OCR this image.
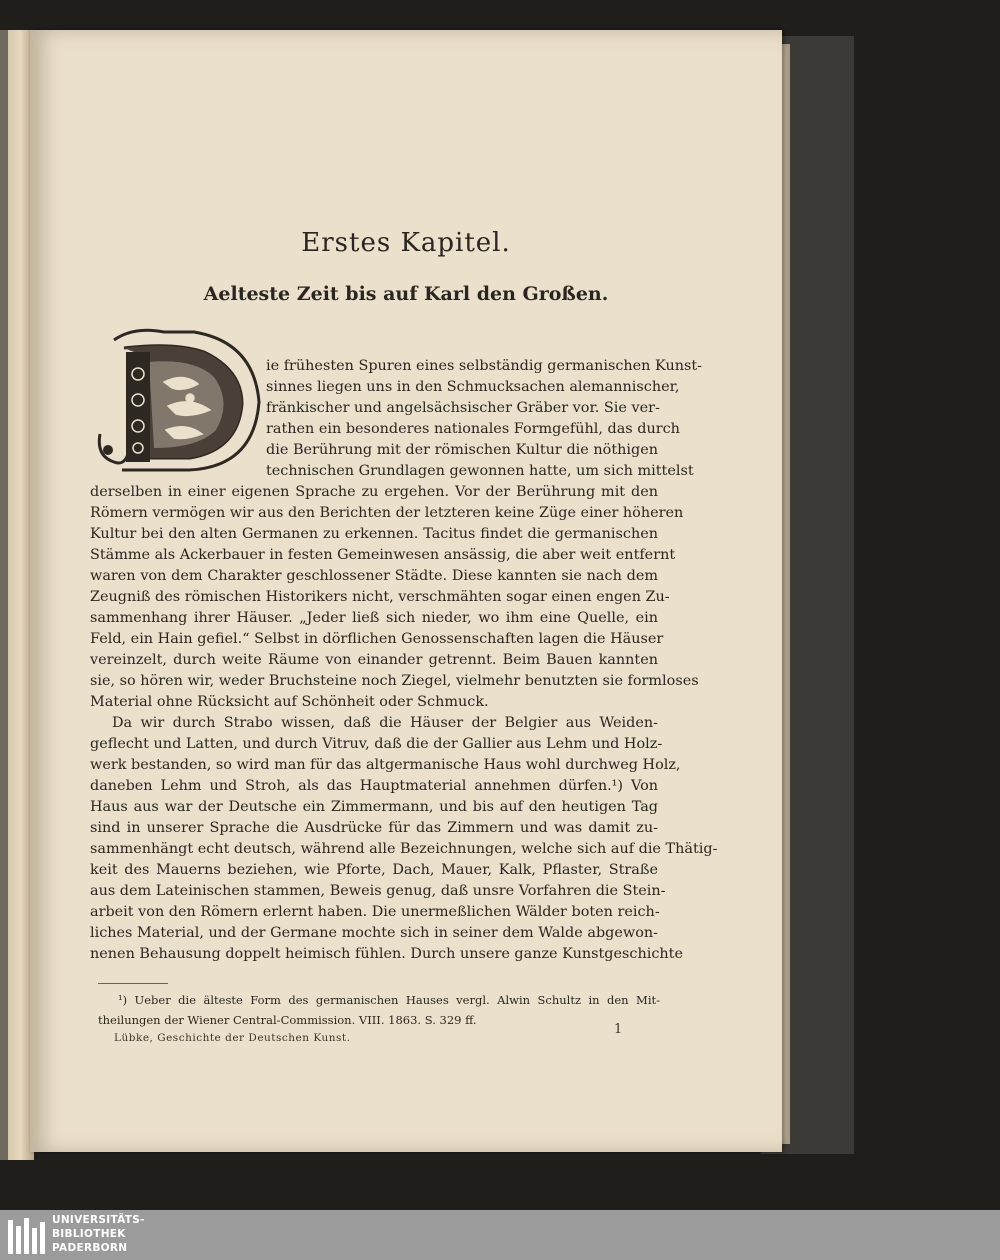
Erstes Kapitel.
Aelteste Zeit bis auf Karl den Großen.
ie frühesten Spuren eines selbständig germanischen Kunst-
sinnes liegen uns in den Schmucksachen alemannischer,
fränkischer und angelsächsischer Gräber vor. Sie ver-
rathen ein besonderes nationales Formgefühl, das durch
die Berührung mit der römischen Kultur die nöthigen
technischen Grundlagen gewonnen hatte, um sich mittelst
derselben in einer eigenen Sprache zu ergehen. Vor der Berührung mit den
Römern vermögen wir aus den Berichten der letzteren keine Züge einer höheren
Kultur bei den alten Germanen zu erkennen. Tacitus findet die germanischen
Stämme als Ackerbauer in festen Gemeinwesen ansässig, die aber weit entfernt
waren von dem Charakter geschlossener Städte. Diese kannten sie nach dem
Zeugniß des römischen Historikers nicht, verschmähten sogar einen engen Zu-
sammenhang ihrer Häuser. „Jeder ließ sich nieder, wo ihm eine Quelle, ein
Feld, ein Hain gefiel.“ Selbst in dörflichen Genossenschaften lagen die Häuser
vereinzelt, durch weite Räume von einander getrennt. Beim Bauen kannten
sie, so hören wir, weder Bruchsteine noch Ziegel, vielmehr benutzten sie formloses
Material ohne Rücksicht auf Schönheit oder Schmuck.
Da wir durch Strabo wissen, daß die Häuser der Belgier aus Weiden-
geflecht und Latten, und durch Vitruv, daß die der Gallier aus Lehm und Holz-
werk bestanden, so wird man für das altgermanische Haus wohl durchweg Holz,
daneben Lehm und Stroh, als das Hauptmaterial annehmen dürfen.¹) Von
Haus aus war der Deutsche ein Zimmermann, und bis auf den heutigen Tag
sind in unserer Sprache die Ausdrücke für das Zimmern und was damit zu-
sammenhängt echt deutsch, während alle Bezeichnungen, welche sich auf die Thätig-
keit des Mauerns beziehen, wie Pforte, Dach, Mauer, Kalk, Pflaster, Straße
aus dem Lateinischen stammen, Beweis genug, daß unsre Vorfahren die Stein-
arbeit von den Römern erlernt haben. Die unermeßlichen Wälder boten reich-
liches Material, und der Germane mochte sich in seiner dem Walde abgewon-
nenen Behausung doppelt heimisch fühlen. Durch unsere ganze Kunstgeschichte
¹) Ueber die älteste Form des germanischen Hauses vergl. Alwin Schultz in den Mit-
theilungen der Wiener Central-Commission. VIII. 1863. S. 329 ff.
1
Lübke, Geschichte der Deutschen Kunst.
UNIVERSITÄTS-
BIBLIOTHEK
PADERBORN
